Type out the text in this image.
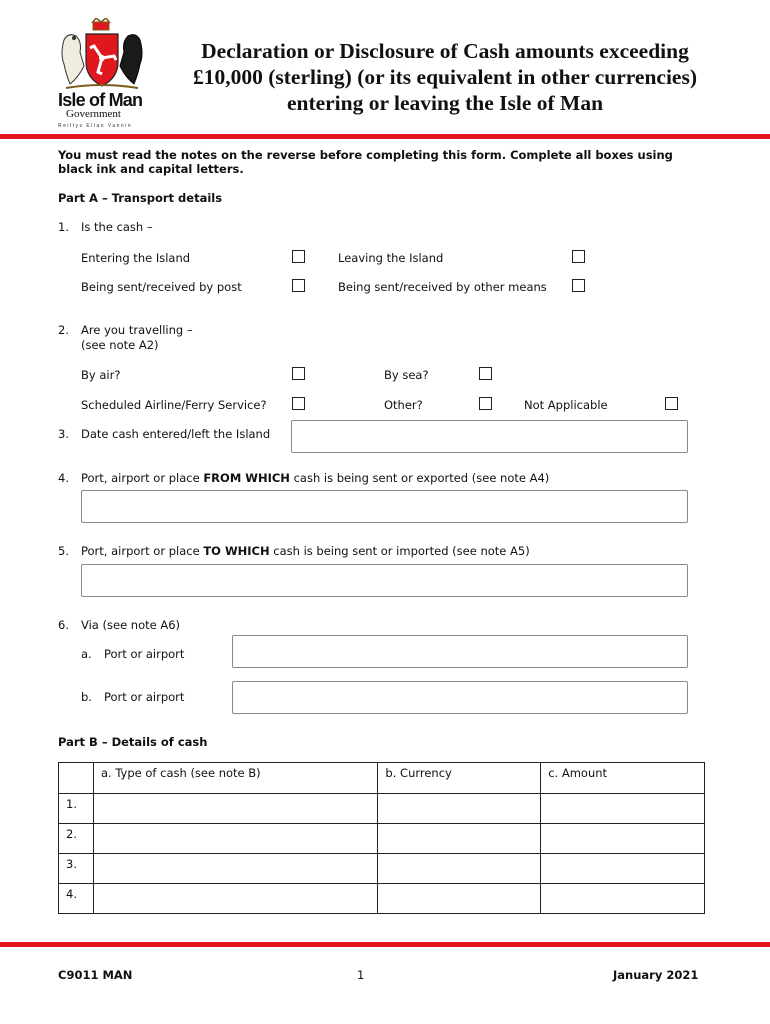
Isle of Man
Government
Reiltys Ellan Vannin
Declaration or Disclosure of Cash amounts exceeding
£10,000 (sterling) (or its equivalent in other currencies)
entering or leaving the Isle of Man
You must read the notes on the reverse before completing this form. Complete all boxes using
black ink and capital letters.
Part A – Transport details
1. Is the cash –
Entering the Island	Leaving the Island
Being sent/received by post	Being sent/received by other means
2. Are you travelling –
(see note A2)
By air?	By sea?
Scheduled Airline/Ferry Service?	Other?	Not Applicable
3. Date cash entered/left the Island
4. Port, airport or place FROM WHICH cash is being sent or exported (see note A4)
5. Port, airport or place TO WHICH cash is being sent or imported (see note A5)
6. Via (see note A6)
a. Port or airport
b. Port or airport
Part B – Details of cash
	a. Type of cash (see note B)	b. Currency	c. Amount
1.			
2.			
3.			
4.			
C9011 MAN	1	January 2021
